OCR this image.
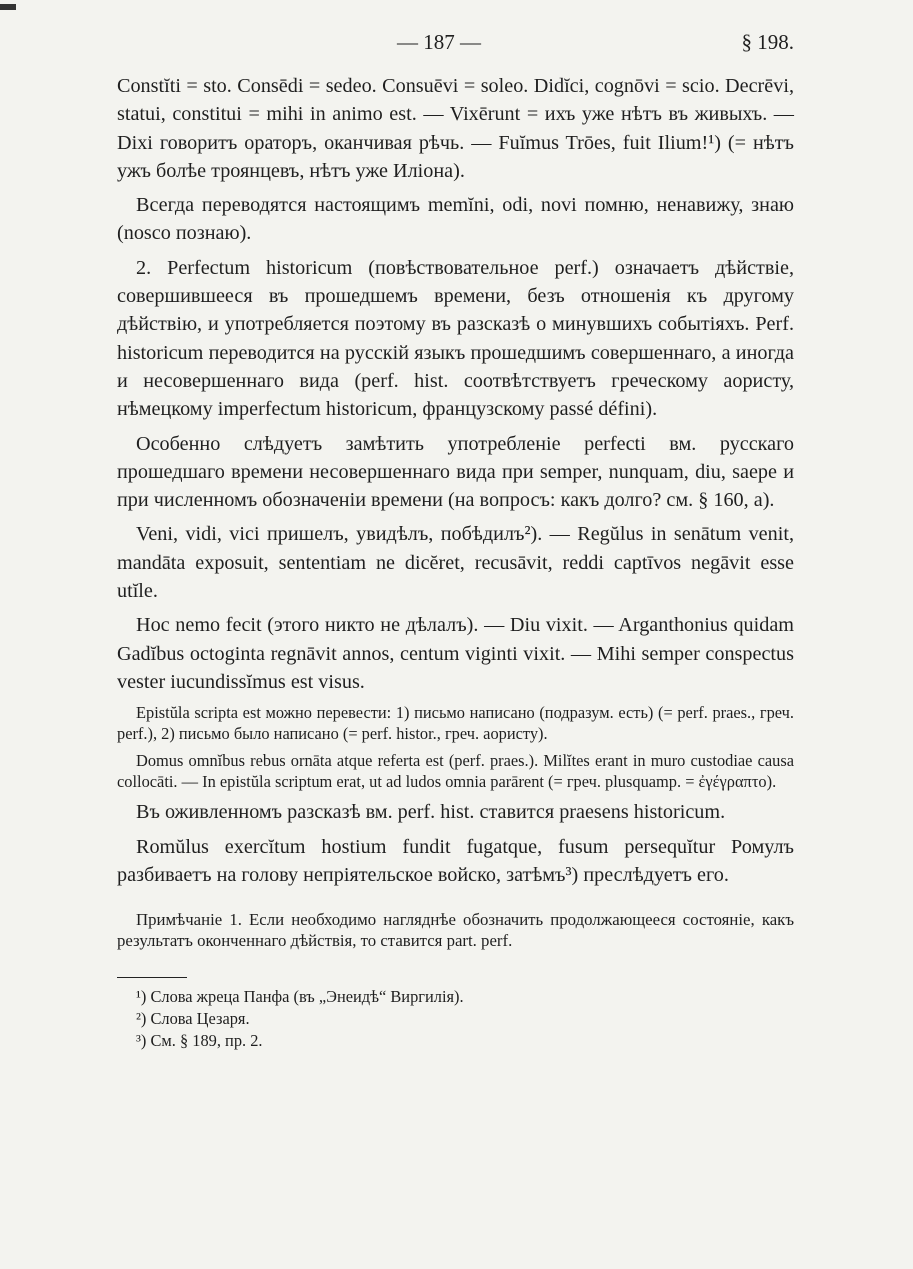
— 187 —	§ 198.

Constĭti = sto. Consēdi = sedeo. Consuēvi = soleo. Didĭci, cognōvi = scio. Decrēvi, statui, constitui = mihi in animo est. — Vixērunt = ихъ уже нѣтъ въ живыхъ. — Dixi говоритъ ораторъ, оканчивая рѣчь. — Fuĭmus Trōes, fuit Ilium!¹) (= нѣтъ ужъ болѣе троянцевъ, нѣтъ уже Иліона).

Всегда переводятся настоящимъ memĭni, odi, novi помню, ненавижу, знаю (nosco познаю).

2. Perfectum historicum (повѣствовательное perf.) означаетъ дѣйствіе, совершившееся въ прошедшемъ времени, безъ отношенія къ другому дѣйствію, и употребляется поэтому въ разсказѣ о минувшихъ событіяхъ. Perf. historicum переводится на русскій языкъ прошедшимъ совершеннаго, а иногда и несовершеннаго вида (perf. hist. соотвѣтствуетъ греческому аористу, нѣмецкому imperfectum historicum, французскому passé défini).

Особенно слѣдуетъ замѣтить употребленіе perfecti вм. русскаго прошедшаго времени несовершеннаго вида при semper, nunquam, diu, saepe и при численномъ обозначеніи времени (на вопросъ: какъ долго? см. § 160, а).

Veni, vidi, vici пришелъ, увидѣлъ, побѣдилъ²). — Regŭlus in senātum venit, mandāta exposuit, sententiam ne dicĕret, recusāvit, reddi captīvos negāvit esse utĭle.

Hoc nemo fecit (этого никто не дѣлалъ). — Diu vixit. — Arganthonius quidam Gadĭbus octoginta regnāvit annos, centum viginti vixit. — Mihi semper conspectus vester iucundissĭmus est visus.

Epistŭla scripta est можно перевести: 1) письмо написано (подразум. есть) (= perf. praes., греч. perf.), 2) письмо было написано (= perf. histor., греч. аористу).

Domus omnĭbus rebus ornāta atque referta est (perf. praes.). Milĭtes erant in muro custodiae causa collocāti. — In epistŭla scriptum erat, ut ad ludos omnia parārent (= греч. plusquamp. = ἐγέγραπτο).

Въ оживленномъ разсказѣ вм. perf. hist. ставится praesens historicum.

Romŭlus exercĭtum hostium fundit fugatque, fusum persequĭtur Ромулъ разбиваетъ на голову непріятельское войско, затѣмъ³) преслѣдуетъ его.

Примѣчаніе 1. Если необходимо нагляднѣе обозначить продолжающееся состояніе, какъ результатъ оконченнаго дѣйствія, то ставится part. perf.

¹) Слова жреца Панфа (въ „Энеидѣ“ Виргилія).

²) Слова Цезаря.

³) См. § 189, пр. 2.
